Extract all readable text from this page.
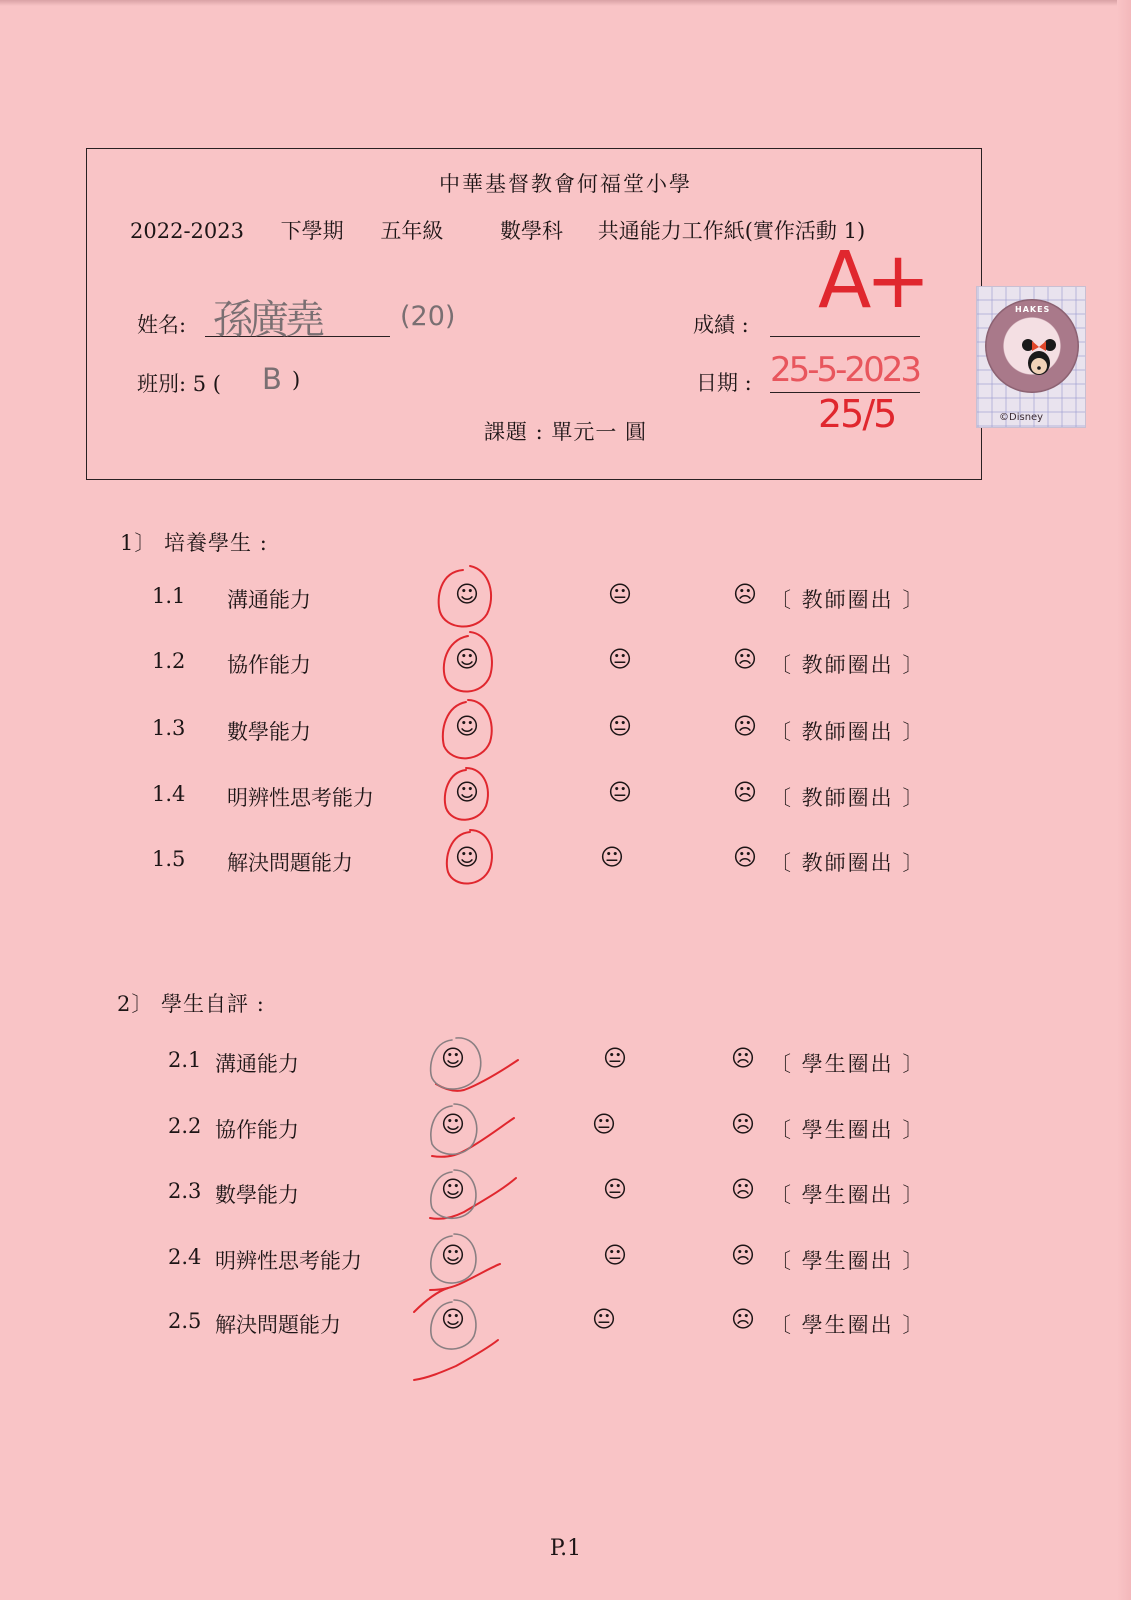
中華基督教會何福堂小學
2022-2023 下學期 五年級	數學科 共通能力工作紙(實作活動 1)
姓名: 孫廣堯	(20)
班別: 5 ( B )
成績 : A+
日期 : 25-5-2023
25/5
課題 : 單元一 圓
HAKES
©Disney
1〕 培養學生 :
1.1 溝通能力	☺	😐	☹ 〔 教師圈出 〕
1.2 協作能力	☺	😐	☹ 〔 教師圈出 〕
1.3 數學能力	☺	😐	☹ 〔 教師圈出 〕
1.4 明辨性思考能力	☺	😐	☹ 〔 教師圈出 〕
1.5 解決問題能力	☺	😐	☹ 〔 教師圈出 〕
2〕 學生自評 :
2.1 溝通能力	☺	😐	☹ 〔 學生圈出 〕
2.2 協作能力	☺	😐	☹ 〔 學生圈出 〕
2.3 數學能力	☺	😐	☹ 〔 學生圈出 〕
2.4 明辨性思考能力	☺	😐	☹ 〔 學生圈出 〕
2.5 解決問題能力	☺	😐	☹ 〔 學生圈出 〕
P.1
